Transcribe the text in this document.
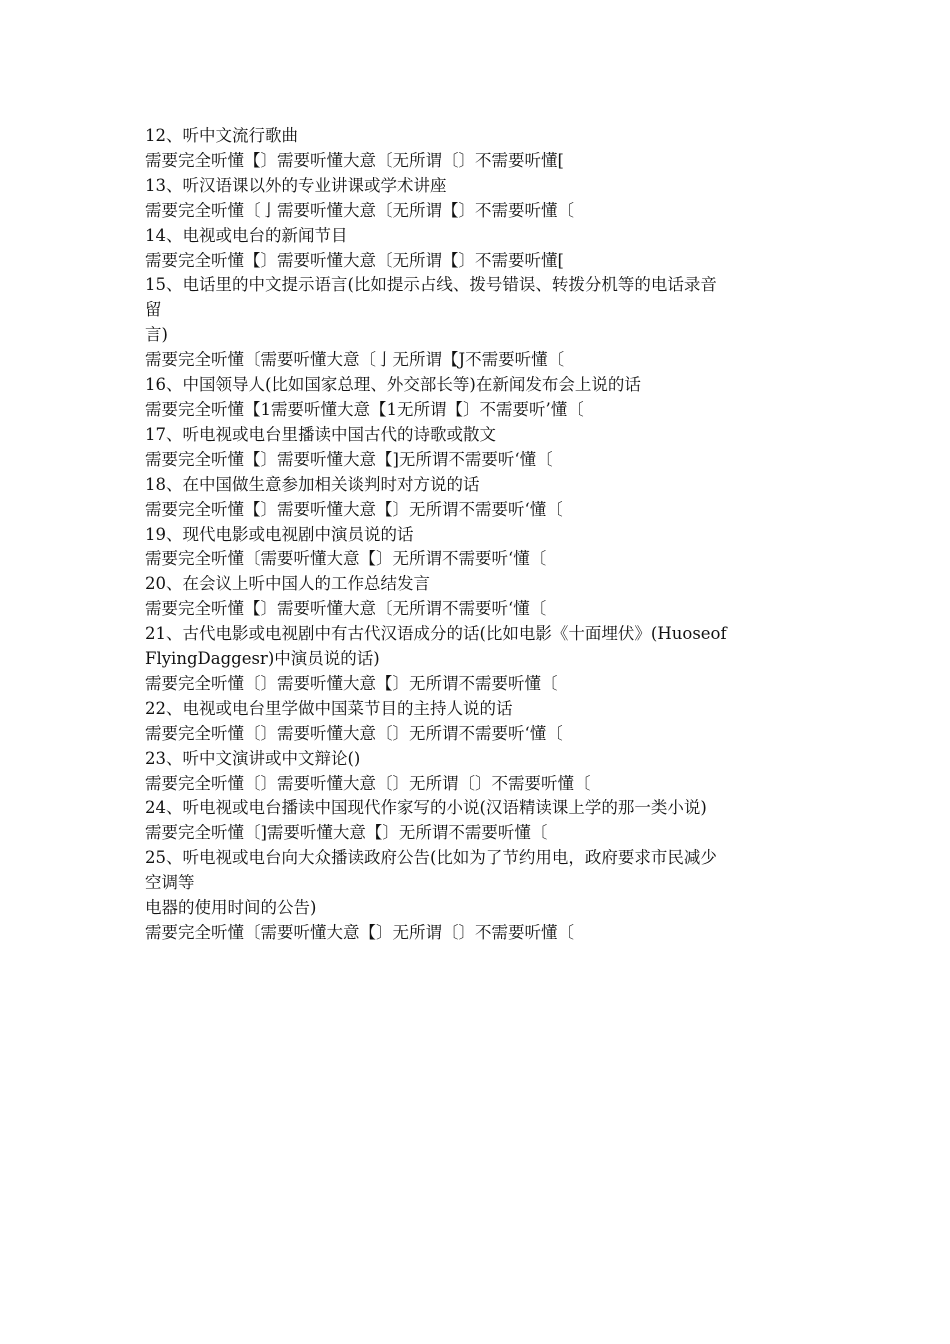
12、听中文流行歌曲
需要完全听懂【〕需要听懂大意〔无所谓〔〕不需要听懂[
13、听汉语课以外的专业讲课或学术讲座
需要完全听懂〔亅需要听懂大意〔无所谓【〕不需要听懂〔
14、电视或电台的新闻节目
需要完全听懂【〕需要听懂大意〔无所谓【〕不需要听懂[
15、电话里的中文提示语言(比如提示占线、拨号错误、转拨分机等的电话录音
留
言)
需要完全听懂〔需要听懂大意〔亅无所谓【J不需要听懂〔
16、中国领导人(比如国家总理、外交部长等)在新闻发布会上说的话
需要完全听懂【1需要听懂大意【1无所谓【〕不需要听’懂〔
17、听电视或电台里播读中国古代的诗歌或散文
需要完全听懂【〕需要听懂大意【]无所谓不需要听‘懂〔
18、在中国做生意参加相关谈判时对方说的话
需要完全听懂【〕需要听懂大意【〕无所谓不需要听‘懂〔
19、现代电影或电视剧中演员说的话
需要完全听懂〔需要听懂大意【〕无所谓不需要听‘懂〔
20、在会议上听中国人的工作总结发言
需要完全听懂【〕需要听懂大意〔无所谓不需要听‘懂〔
21、古代电影或电视剧中有古代汉语成分的话(比如电影《十面埋伏》(Huoseof
FlyingDaggesr)中演员说的话)
需要完全听懂〔〕需要听懂大意【〕无所谓不需要听懂〔
22、电视或电台里学做中国菜节目的主持人说的话
需要完全听懂〔〕需要听懂大意〔〕无所谓不需要听‘懂〔
23、听中文演讲或中文辩论()
需要完全听懂〔〕需要听懂大意〔〕无所谓〔〕不需要听懂〔
24、听电视或电台播读中国现代作家写的小说(汉语精读课上学的那一类小说)
需要完全听懂〔]需要听懂大意【〕无所谓不需要听懂〔
25、听电视或电台向大众播读政府公告(比如为了节约用电，政府要求市民减少
空调等
电器的使用时间的公告)
需要完全听懂〔需要听懂大意【〕无所谓〔〕不需要听懂〔
